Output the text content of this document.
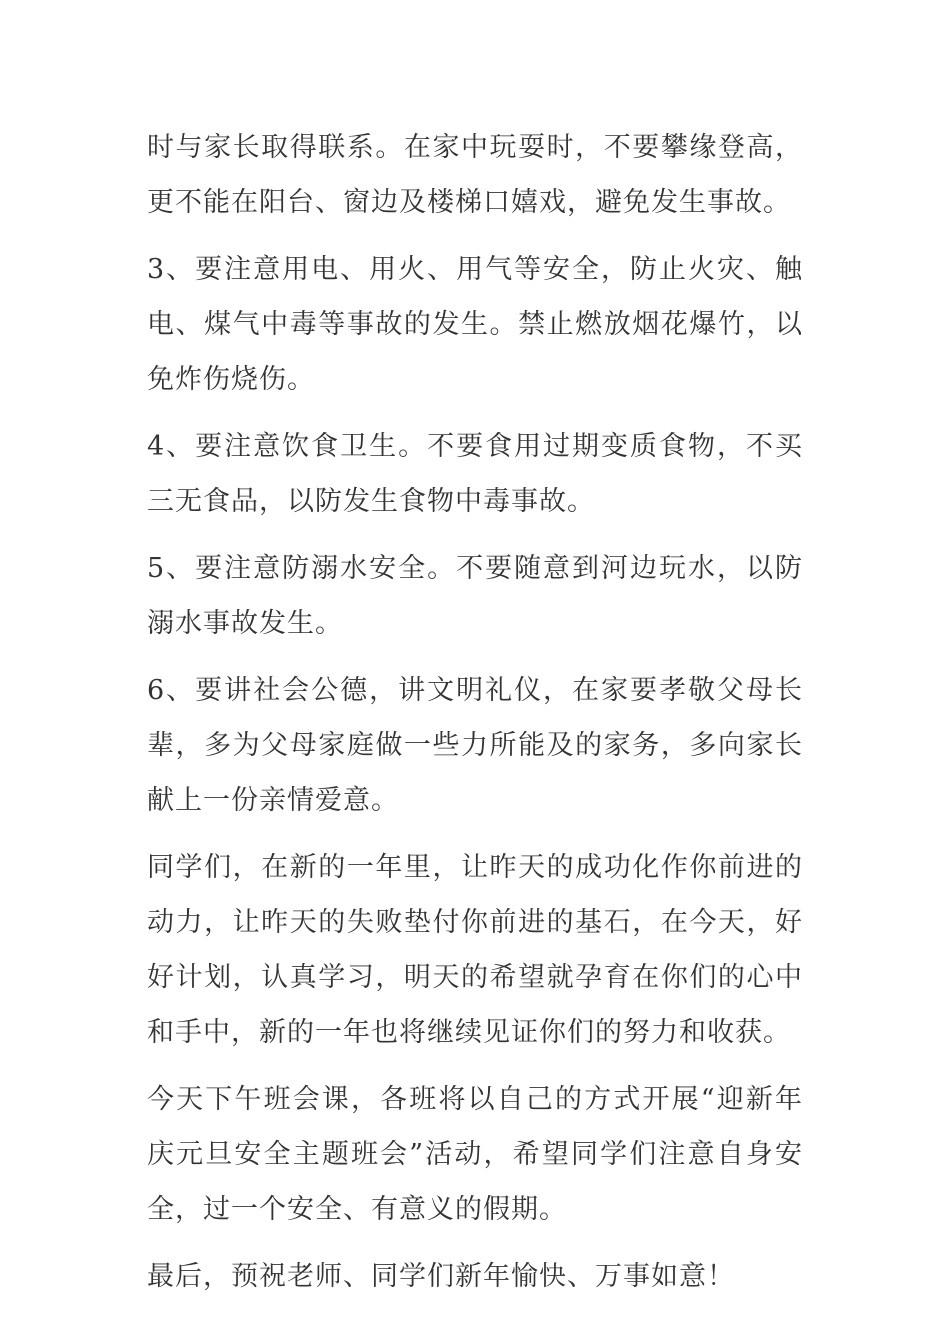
时与家长取得联系。在家中玩耍时，不要攀缘登高，更不能在阳台、窗边及楼梯口嬉戏，避免发生事故。

3、要注意用电、用火、用气等安全，防止火灾、触电、煤气中毒等事故的发生。禁止燃放烟花爆竹，以免炸伤烧伤。

4、要注意饮食卫生。不要食用过期变质食物，不买三无食品，以防发生食物中毒事故。

5、要注意防溺水安全。不要随意到河边玩水，以防溺水事故发生。

6、要讲社会公德，讲文明礼仪，在家要孝敬父母长辈，多为父母家庭做一些力所能及的家务，多向家长献上一份亲情爱意。

同学们，在新的一年里，让昨天的成功化作你前进的动力，让昨天的失败垫付你前进的基石，在今天，好好计划，认真学习，明天的希望就孕育在你们的心中和手中，新的一年也将继续见证你们的努力和收获。

今天下午班会课，各班将以自己的方式开展“迎新年庆元旦安全主题班会”活动，希望同学们注意自身安全，过一个安全、有意义的假期。

最后，预祝老师、同学们新年愉快、万事如意！
